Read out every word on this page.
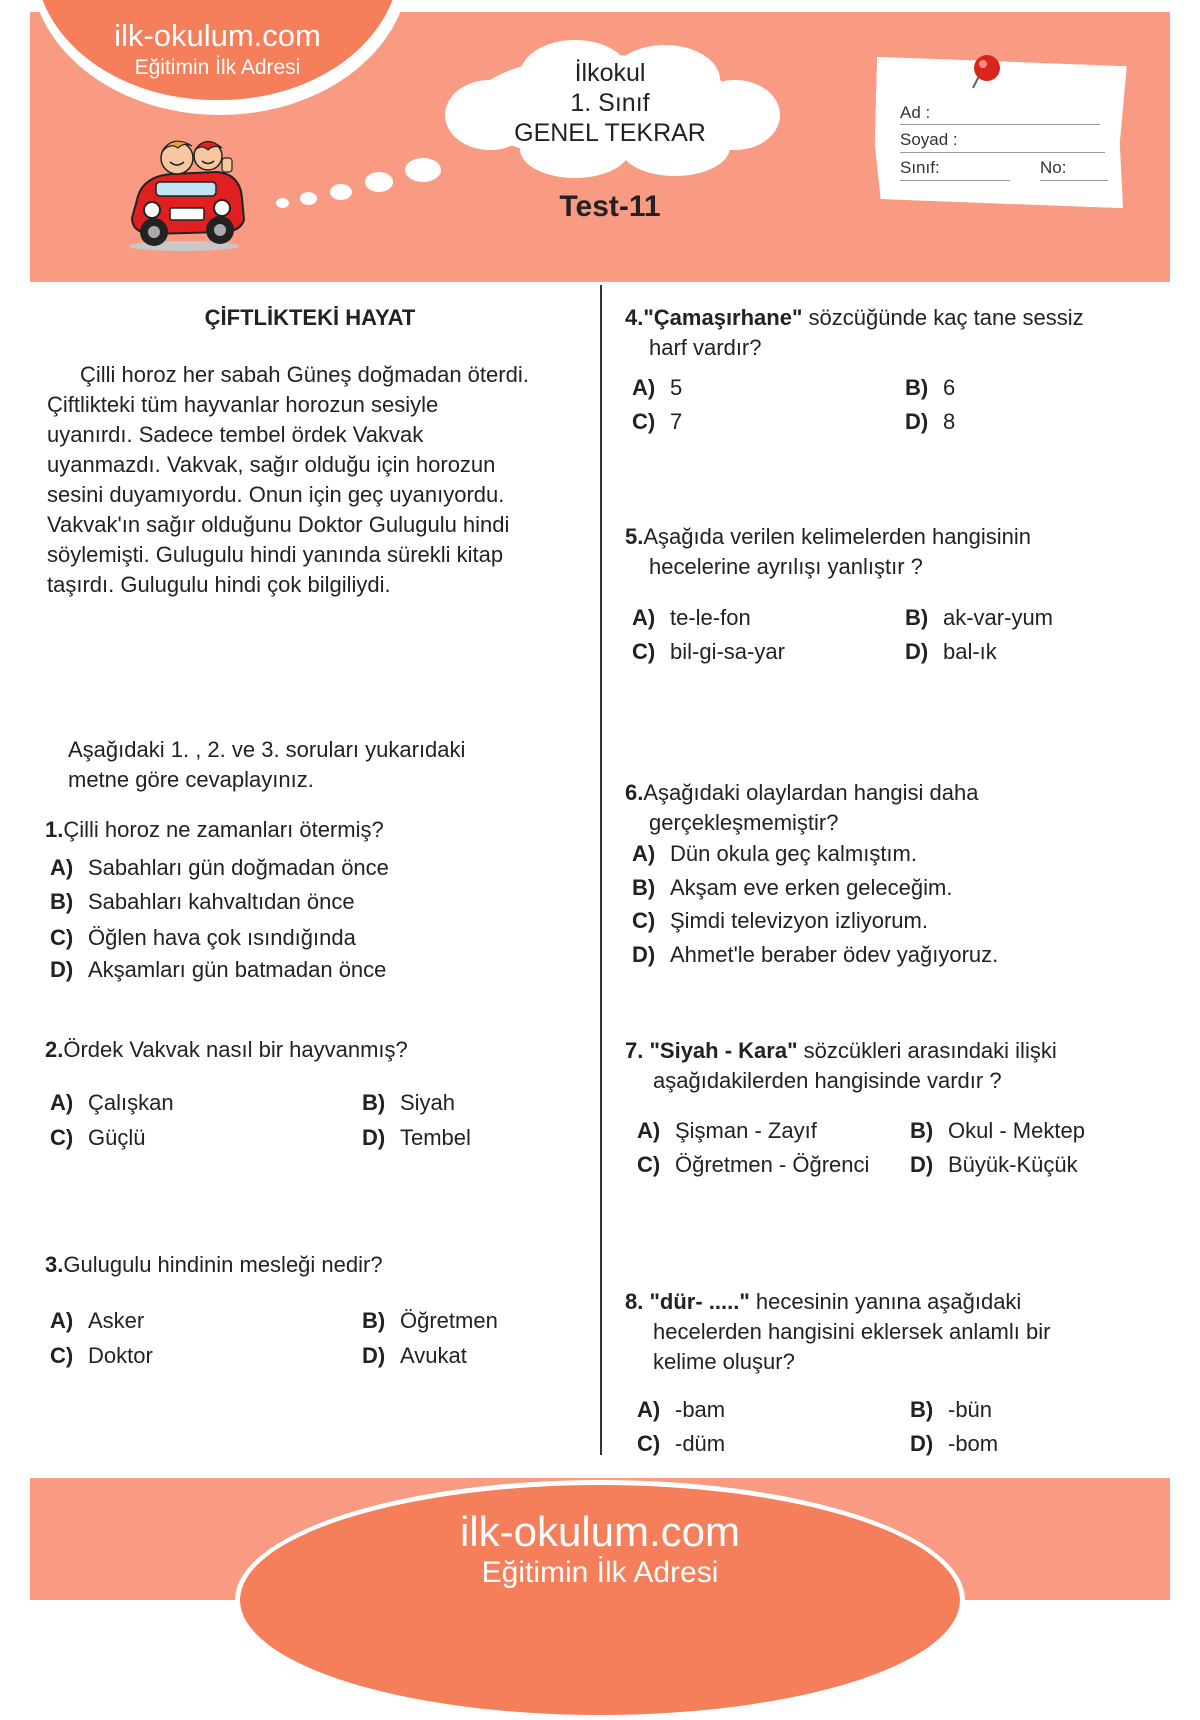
ilk-okulum.com
Eğitimin İlk Adresi	İlkokul
1. Sınıf
GENEL TEKRAR
Test-11
Ad :
Soyad :
Sınıf:	No:
ÇİFTLİKTEKİ HAYAT
Çilli horoz her sabah Güneş doğmadan öterdi.
Çiftlikteki tüm hayvanlar horozun sesiyle
uyanırdı. Sadece tembel ördek Vakvak
uyanmazdı. Vakvak, sağır olduğu için horozun
sesini duyamıyordu. Onun için geç uyanıyordu.
Vakvak'ın sağır olduğunu Doktor Gulugulu hindi
söylemişti. Gulugulu hindi yanında sürekli kitap
taşırdı. Gulugulu hindi çok bilgiliydi.
Aşağıdaki 1. , 2. ve 3. soruları yukarıdaki
metne göre cevaplayınız.
1.Çilli horoz ne zamanları ötermiş?
A) Sabahları gün doğmadan önce
B) Sabahları kahvaltıdan önce
C) Öğlen hava çok ısındığında
D) Akşamları gün batmadan önce
2.Ördek Vakvak nasıl bir hayvanmış?
A) Çalışkan	B) Siyah
C) Güçlü	D) Tembel
3.Gulugulu hindinin mesleği nedir?
A) Asker	B) Öğretmen
C) Doktor	D) Avukat
4."Çamaşırhane" sözcüğünde kaç tane sessiz
harf vardır?
A) 5	B) 6
C) 7	D) 8
5.Aşağıda verilen kelimelerden hangisinin
hecelerine ayrılışı yanlıştır ?
A) te-le-fon	B) ak-var-yum
C) bil-gi-sa-yar	D) bal-ık
6.Aşağıdaki olaylardan hangisi daha
gerçekleşmemiştir?
A) Dün okula geç kalmıştım.
B) Akşam eve erken geleceğim.
C) Şimdi televizyon izliyorum.
D) Ahmet'le beraber ödev yağıyoruz.
7. "Siyah - Kara" sözcükleri arasındaki ilişki
aşağıdakilerden hangisinde vardır ?
A) Şişman - Zayıf	B) Okul - Mektep
C) Öğretmen - Öğrenci D) Büyük-Küçük
8. "dür- ....." hecesinin yanına aşağıdaki
hecelerden hangisini eklersek anlamlı bir
kelime oluşur?
A) -bam	B) -bün
C) -düm	D) -bom
ilk-okulum.com
Eğitimin İlk Adresi
